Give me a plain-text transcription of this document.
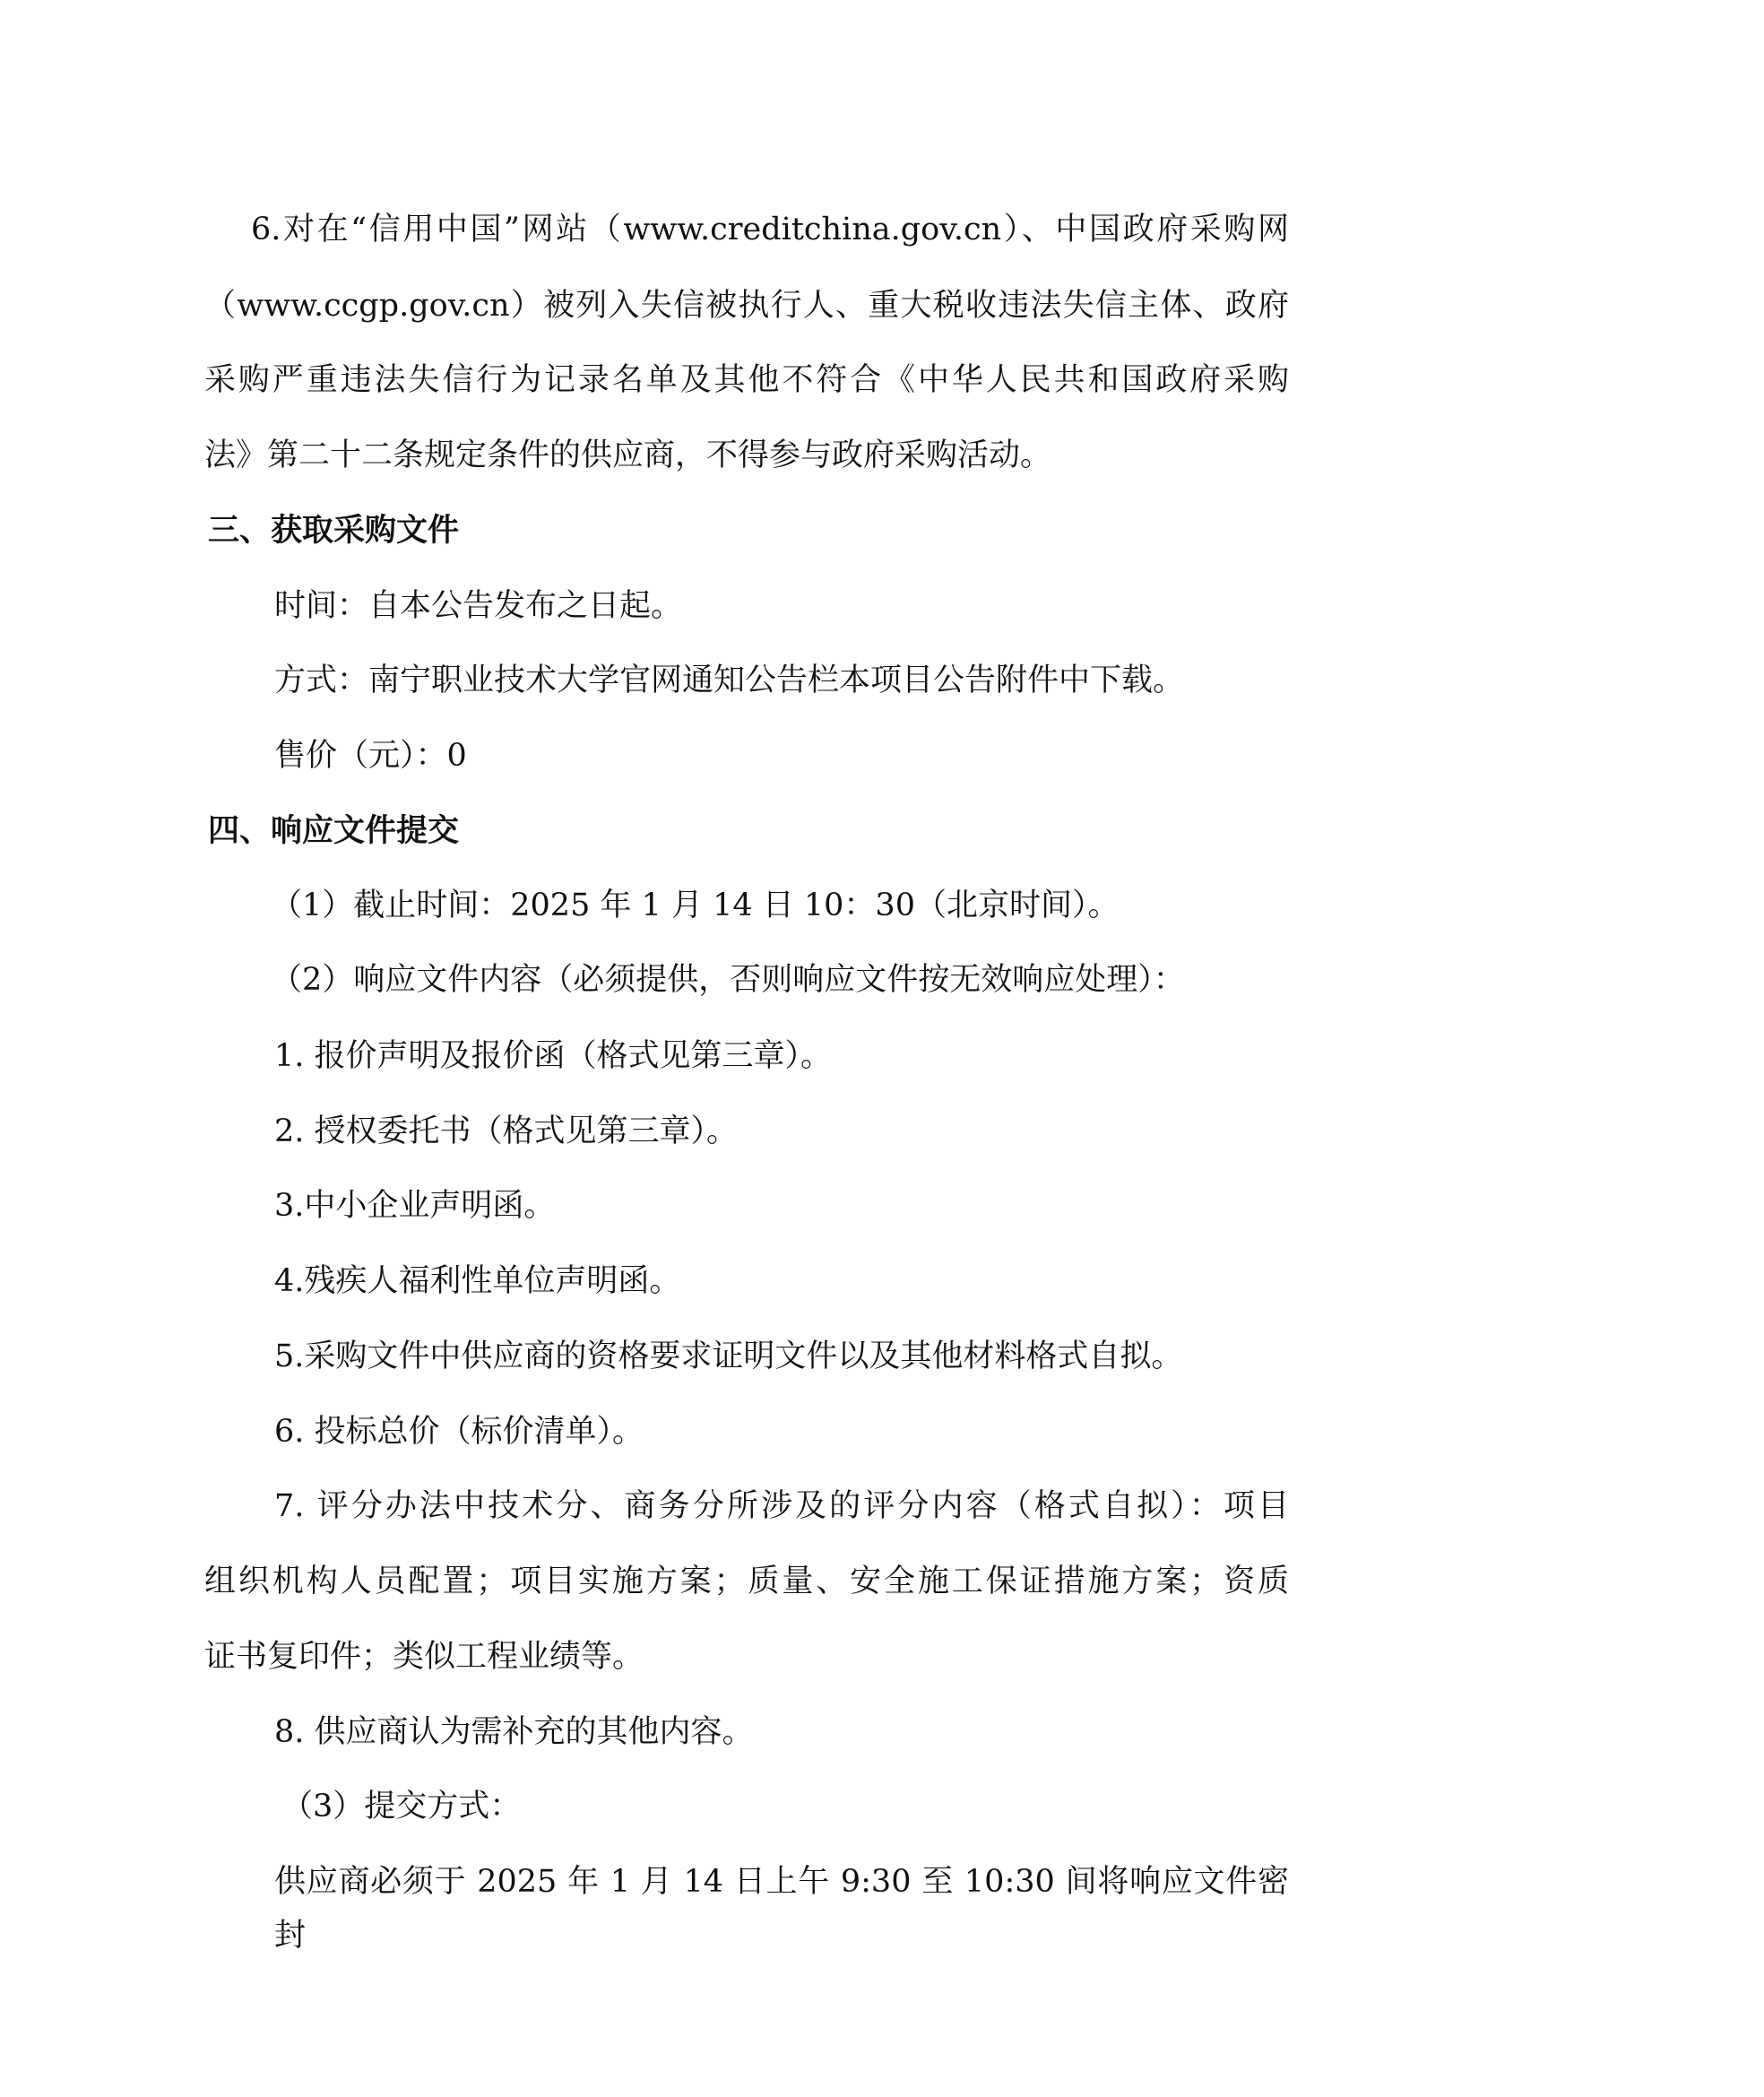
6.对在“信用中国”网站（www.creditchina.gov.cn）、中国政府采购网
（www.ccgp.gov.cn）被列入失信被执行人、重大税收违法失信主体、政府
采购严重违法失信行为记录名单及其他不符合《中华人民共和国政府采购
法》第二十二条规定条件的供应商，不得参与政府采购活动。
三、获取采购文件
时间：自本公告发布之日起。
方式：南宁职业技术大学官网通知公告栏本项目公告附件中下载。
售价（元）：0
四、响应文件提交
（1）截止时间：2025 年 1 月 14 日 10：30（北京时间）。
（2）响应文件内容（必须提供，否则响应文件按无效响应处理）：
1. 报价声明及报价函（格式见第三章）。
2. 授权委托书（格式见第三章）。
3.中小企业声明函。
4.残疾人福利性单位声明函。
5.采购文件中供应商的资格要求证明文件以及其他材料格式自拟。
6. 投标总价（标价清单）。
7. 评分办法中技术分、商务分所涉及的评分内容（格式自拟）：项目
组织机构人员配置；项目实施方案；质量、安全施工保证措施方案；资质
证书复印件；类似工程业绩等。
8. 供应商认为需补充的其他内容。
（3）提交方式：
供应商必须于 2025 年 1 月 14 日上午 9:30 至 10:30 间将响应文件密封
